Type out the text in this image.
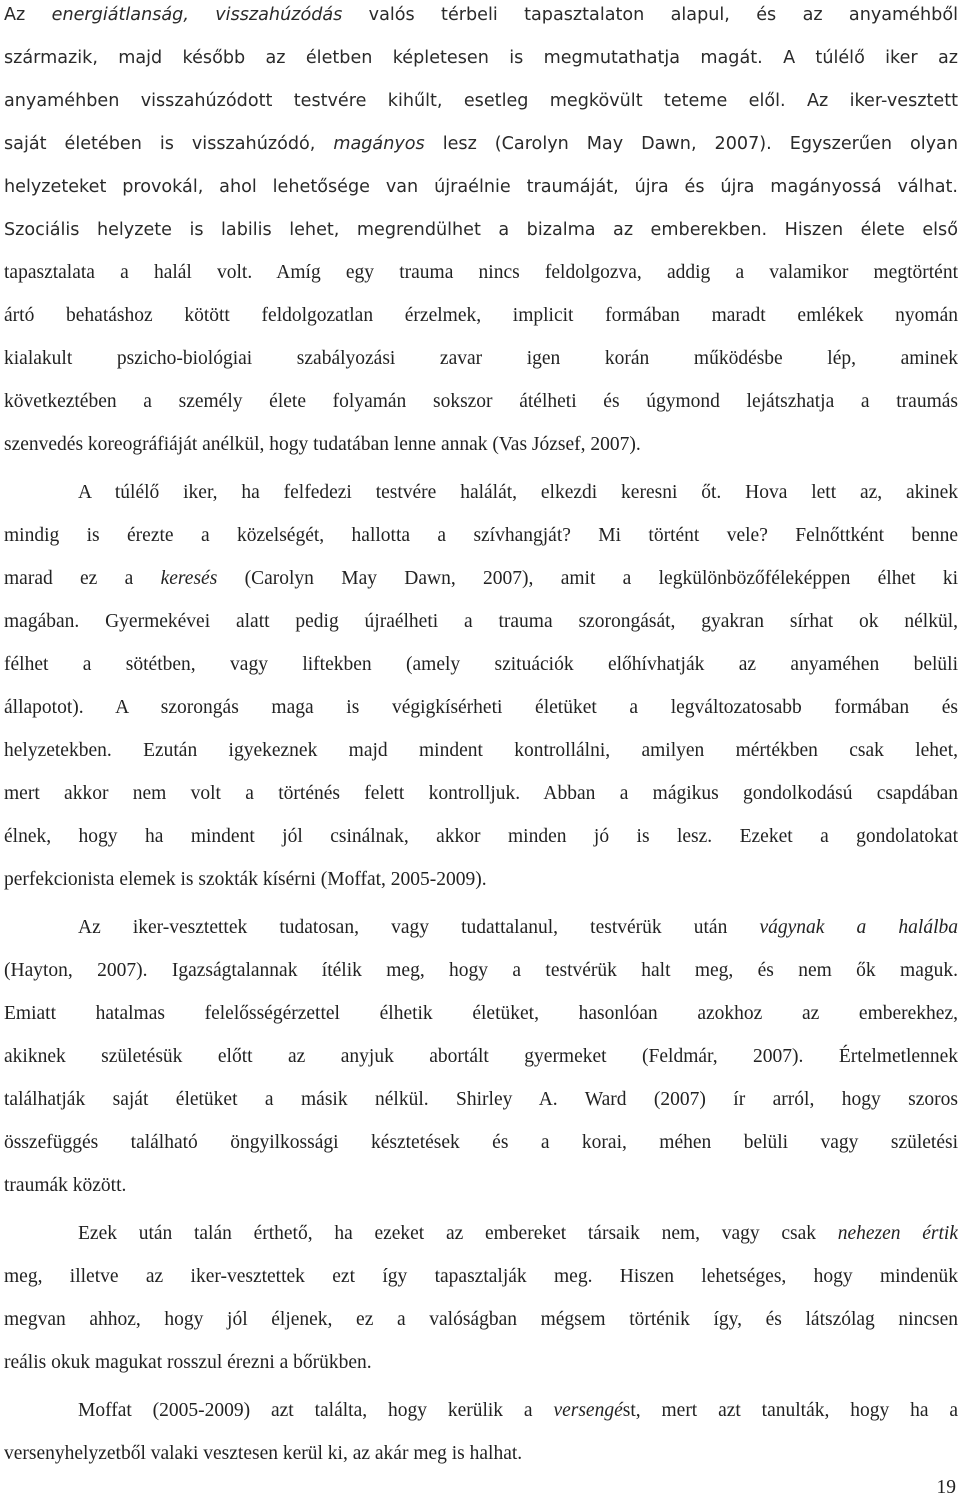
Az energiátlanság, visszahúzódás valós térbeli tapasztalaton alapul, és az anyaméhből
származik, majd később az életben képletesen is megmutathatja magát. A túlélő iker az
anyaméhben visszahúzódott testvére kihűlt, esetleg megkövült teteme elől. Az iker-vesztett
saját életében is visszahúzódó, magányos lesz (Carolyn May Dawn, 2007). Egyszerűen olyan
helyzeteket provokál, ahol lehetősége van újraélnie traumáját, újra és újra magányossá válhat.
Szociális helyzete is labilis lehet, megrendülhet a bizalma az emberekben. Hiszen élete első
tapasztalata a halál volt. Amíg egy trauma nincs feldolgozva, addig a valamikor megtörtént
ártó behatáshoz kötött feldolgozatlan érzelmek, implicit formában maradt emlékek nyomán
kialakult pszicho-biológiai szabályozási zavar igen korán működésbe lép, aminek
következtében a személy élete folyamán sokszor átélheti és úgymond lejátszhatja a traumás
szenvedés koreográfiáját anélkül, hogy tudatában lenne annak (Vas József, 2007).
A túlélő iker, ha felfedezi testvére halálát, elkezdi keresni őt. Hova lett az, akinek
mindig is érezte a közelségét, hallotta a szívhangját? Mi történt vele? Felnőttként benne
marad ez a keresés (Carolyn May Dawn, 2007), amit a legkülönbözőféleképpen élhet ki
magában. Gyermekévei alatt pedig újraélheti a trauma szorongását, gyakran sírhat ok nélkül,
félhet a sötétben, vagy liftekben (amely szituációk előhívhatják az anyaméhen belüli
állapotot). A szorongás maga is végigkísérheti életüket a legváltozatosabb formában és
helyzetekben. Ezután igyekeznek majd mindent kontrollálni, amilyen mértékben csak lehet,
mert akkor nem volt a történés felett kontrolljuk. Abban a mágikus gondolkodású csapdában
élnek, hogy ha mindent jól csinálnak, akkor minden jó is lesz. Ezeket a gondolatokat
perfekcionista elemek is szokták kísérni (Moffat, 2005-2009).
Az iker-vesztettek tudatosan, vagy tudattalanul, testvérük után vágynak a halálba
(Hayton, 2007). Igazságtalannak ítélik meg, hogy a testvérük halt meg, és nem ők maguk.
Emiatt hatalmas felelősségérzettel élhetik életüket, hasonlóan azokhoz az emberekhez,
akiknek születésük előtt az anyjuk abortált gyermeket (Feldmár, 2007). Értelmetlennek
találhatják saját életüket a másik nélkül. Shirley A. Ward (2007) ír arról, hogy szoros
összefüggés található öngyilkossági késztetések és a korai, méhen belüli vagy születési
traumák között.
Ezek után talán érthető, ha ezeket az embereket társaik nem, vagy csak nehezen értik
meg, illetve az iker-vesztettek ezt így tapasztalják meg. Hiszen lehetséges, hogy mindenük
megvan ahhoz, hogy jól éljenek, ez a valóságban mégsem történik így, és látszólag nincsen
reális okuk magukat rosszul érezni a bőrükben.
Moffat (2005-2009) azt találta, hogy kerülik a versengést, mert azt tanulták, hogy ha a
versenyhelyzetből valaki vesztesen kerül ki, az akár meg is halhat.
19
